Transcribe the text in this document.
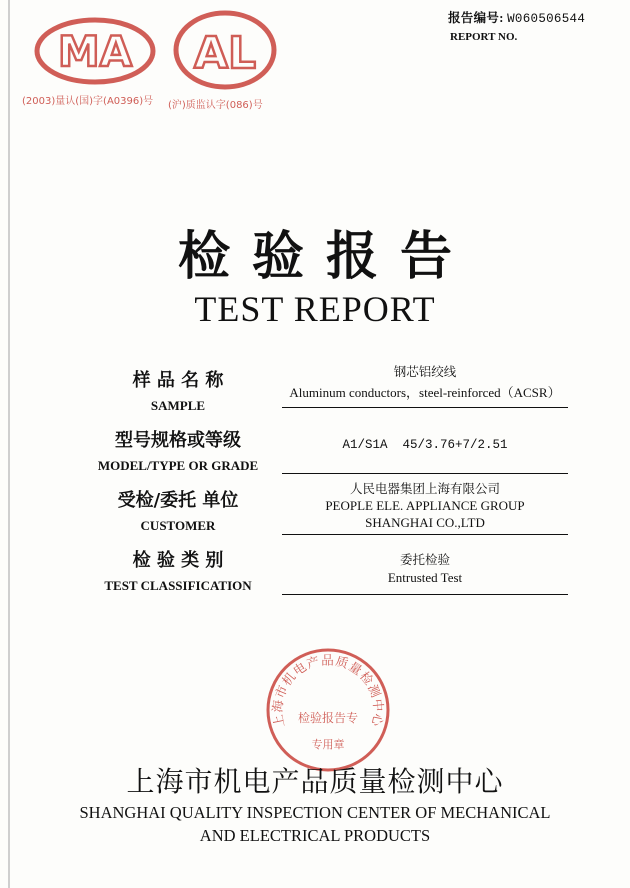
报告编号: W060506544
REPORT NO.
MA
(2003)量认(国)字(A0396)号
AL
(沪)质监认字(086)号
检验报告
TEST REPORT
样 品 名 称
SAMPLE
钢芯铝绞线
Aluminum conductors，steel-reinforced（ACSR）
型号规格或等级
MODEL/TYPE OR GRADE
A1/S1A  45/3.76+7/2.51
受检/委托 单位
CUSTOMER
人民电器集团上海有限公司
PEOPLE ELE. APPLIANCE GROUP
SHANGHAI CO.,LTD
检 验 类 别
TEST CLASSIFICATION
委托检验
Entrusted Test
上海市机电产品质量检测中心
检验报告专
专用章
上海市机电产品质量检测中心
SHANGHAI QUALITY INSPECTION CENTER OF MECHANICAL
AND ELECTRICAL PRODUCTS
